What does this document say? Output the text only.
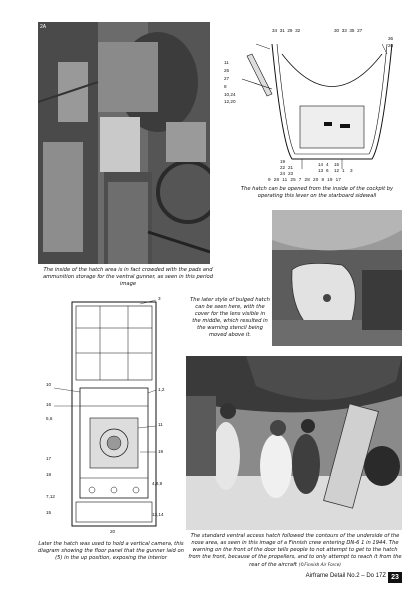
2A
The inside of the hatch area is in fact crowded with the pads and ammunition storage for the ventral gunner, as seen in this period image
34 31 29 32	30 33 35 27
36
26
11
26
27
8
10,24
12,20
19
22
24
21
23
14 4 15
13 6 12 1 3
9 28 11 25 7 28 20 8 19 17
The hatch can be opened from the inside of the cockpit by operating this lever on the starboard sidewall
The later style of bulged hatch can be seen here, with the cover for the lens visible in the middle, which resulted in the warning stencil being moved above it.
3
1,2
11
19
4,8,9
13,14
10
16
5,6
17
18
7,12
15
20
Later the hatch was used to hold a vertical camera, this diagram showing the floor panel that the gunner laid on (5) in the up position, exposing the interior
The standard ventral access hatch followed the contours of the underside of the nose area, as seen in this image of a Finnish crew entering DN-6 1 in 1944. The warning on the front of the door tells people to not attempt to get to the hatch from the front, because of the propellers, and to only attempt to reach it from the rear of the aircraft (©Finnish Air Force)
Airframe Detail No.2 – Do 17Z 23
